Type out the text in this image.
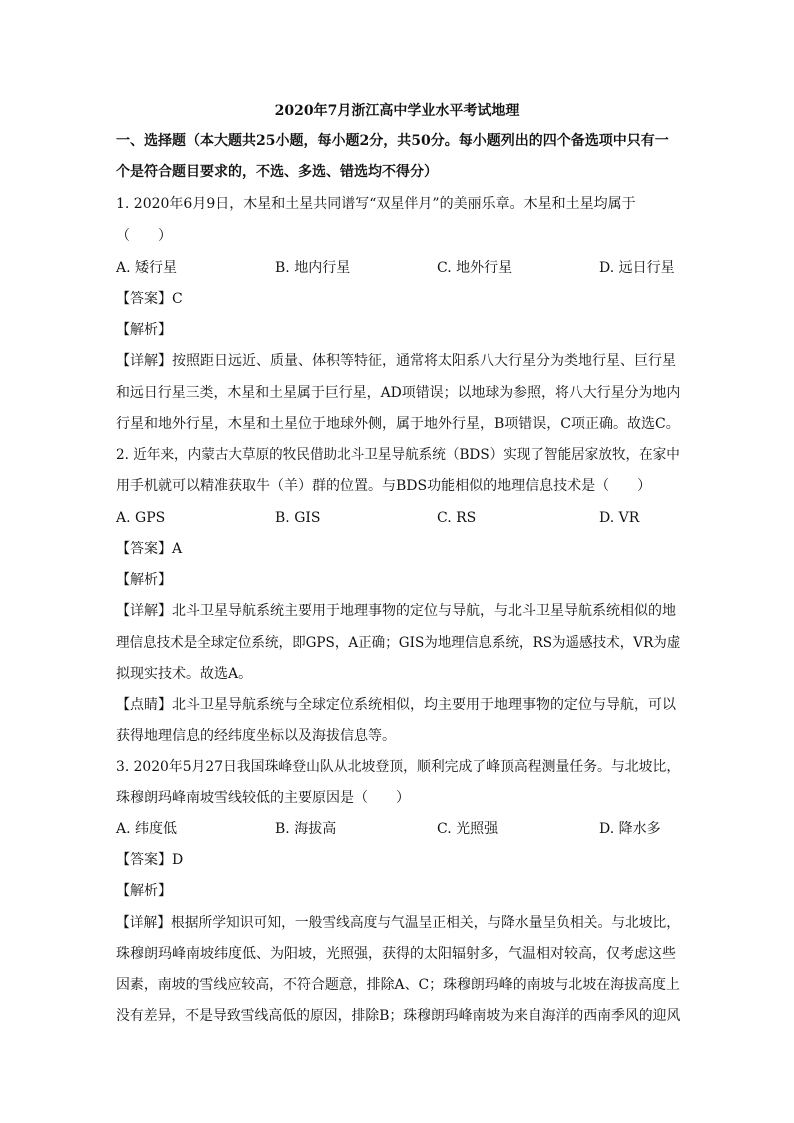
2020年7月浙江高中学业水平考试地理
一、选择题（本大题共25小题，每小题2分，共50分。每小题列出的四个备选项中只有一
个是符合题目要求的，不选、多选、错选均不得分）
1. 2020年6月9日，木星和土星共同谱写“双星伴月”的美丽乐章。木星和土星均属于
（　　）
A. 矮行星	B. 地内行星	C. 地外行星	D. 远日行星
【答案】C
【解析】
【详解】按照距日远近、质量、体积等特征，通常将太阳系八大行星分为类地行星、巨行星
和远日行星三类，木星和土星属于巨行星，AD项错误；以地球为参照，将八大行星分为地内
行星和地外行星，木星和土星位于地球外侧，属于地外行星，B项错误，C项正确。故选C。
2. 近年来，内蒙古大草原的牧民借助北斗卫星导航系统（BDS）实现了智能居家放牧，在家中
用手机就可以精准获取牛（羊）群的位置。与BDS功能相似的地理信息技术是（　　）
A. GPS	B. GIS	C. RS	D. VR
【答案】A
【解析】
【详解】北斗卫星导航系统主要用于地理事物的定位与导航，与北斗卫星导航系统相似的地
理信息技术是全球定位系统，即GPS，A正确；GIS为地理信息系统，RS为遥感技术，VR为虚
拟现实技术。故选A。
【点睛】北斗卫星导航系统与全球定位系统相似，均主要用于地理事物的定位与导航，可以
获得地理信息的经纬度坐标以及海拔信息等。
3. 2020年5月27日我国珠峰登山队从北坡登顶，顺利完成了峰顶高程测量任务。与北坡比，
珠穆朗玛峰南坡雪线较低的主要原因是（　　）
A. 纬度低	B. 海拔高	C. 光照强	D. 降水多
【答案】D
【解析】
【详解】根据所学知识可知，一般雪线高度与气温呈正相关，与降水量呈负相关。与北坡比，
珠穆朗玛峰南坡纬度低、为阳坡，光照强，获得的太阳辐射多，气温相对较高，仅考虑这些
因素，南坡的雪线应较高，不符合题意，排除A、C；珠穆朗玛峰的南坡与北坡在海拔高度上
没有差异，不是导致雪线高低的原因，排除B；珠穆朗玛峰南坡为来自海洋的西南季风的迎风
